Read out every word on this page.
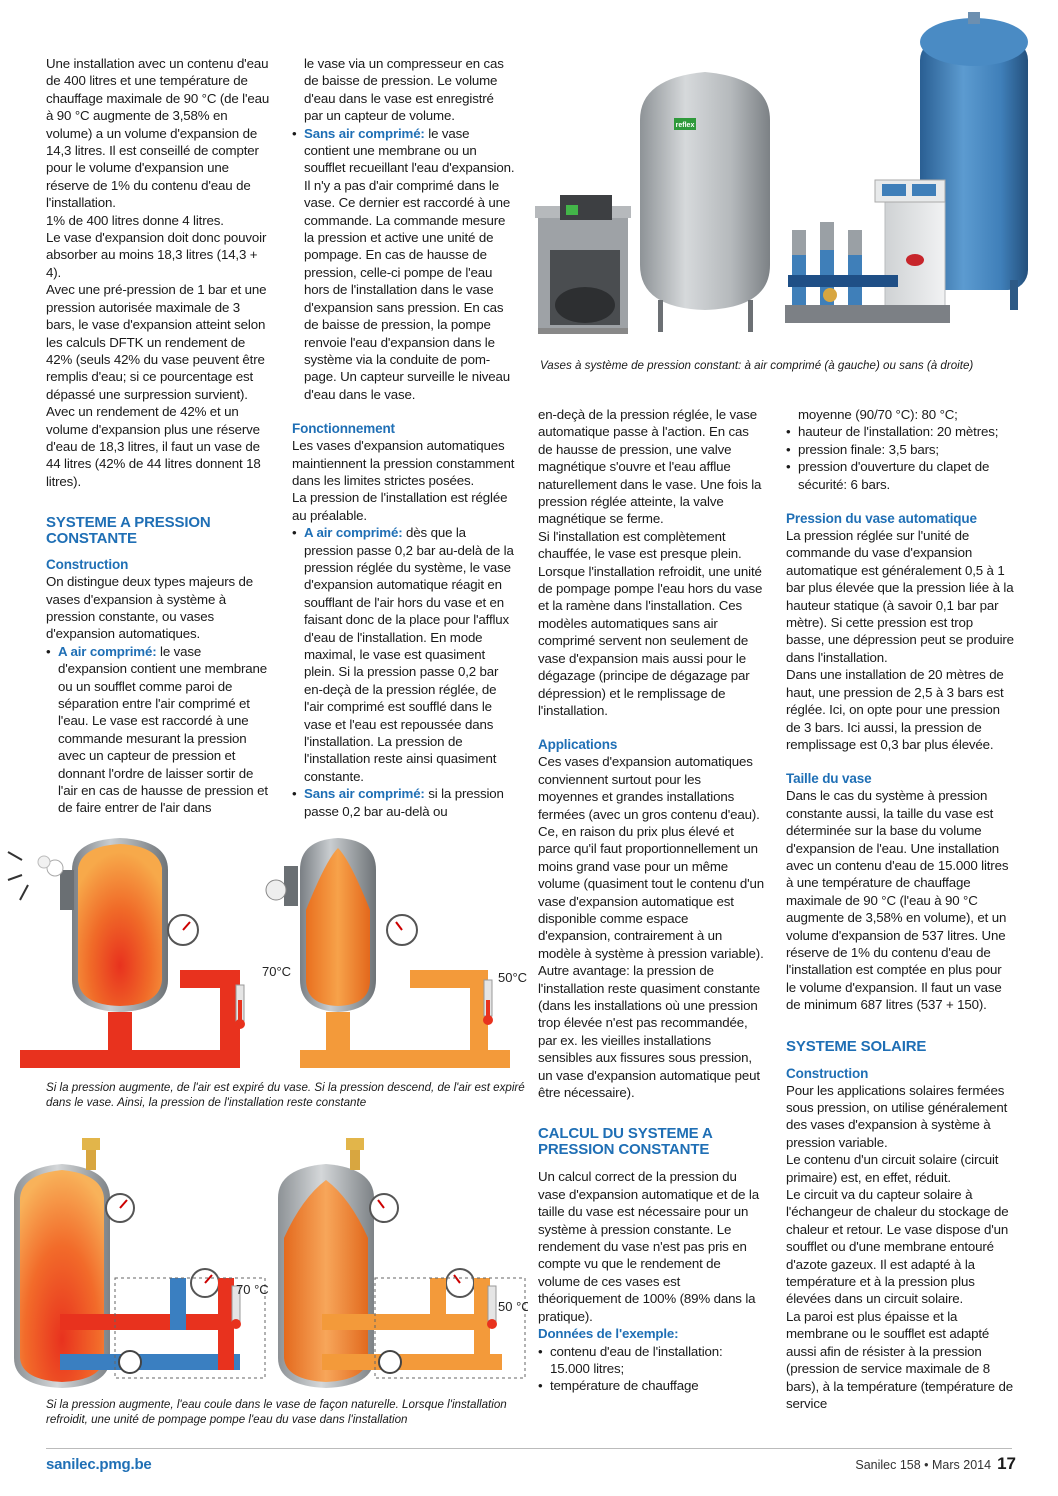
Une installation avec un contenu d'eau de 400 litres et une température de chauffage maximale de 90 °C (de l'eau à 90 °C augmente de 3,58% en volume) a un volume d'expansion de 14,3 litres. Il est conseillé de compter pour le volume d'expansion une réserve de 1% du contenu d'eau de l'installation.

1% de 400 litres donne 4 litres.

Le vase d'expansion doit donc pouvoir absorber au moins 18,3 litres (14,3 + 4).

Avec une pré-pression de 1 bar et une pression autorisée maximale de 3 bars, le vase d'expansion atteint selon les calculs DFTK un rendement de 42% (seuls 42% du vase peuvent être remplis d'eau; si ce pourcentage est dépassé une surpression survient).

Avec un rendement de 42% et un volume d'expansion plus une réserve d'eau de 18,3 litres, il faut un vase de 44 litres (42% de 44 litres donnent 18 litres).

SYSTEME A PRESSION CONSTANTE

Construction

On distingue deux types majeurs de vases d'expansion à système à pression constante, ou vases d'expansion automatiques.

• A air comprimé: le vase d'expansion contient une membrane ou un soufflet comme paroi de séparation entre l'air comprimé et l'eau. Le vase est raccordé à une commande mesurant la pression avec un capteur de pression et donnant l'ordre de laisser sortir de l'air en cas de hausse de pression et de faire entrer de l'air dans

le vase via un compresseur en cas de baisse de pression. Le volume d'eau dans le vase est enregistré par un capteur de volume.

• Sans air comprimé: le vase contient une membrane ou un soufflet recueillant l'eau d'expansion. Il n'y a pas d'air comprimé dans le vase. Ce dernier est raccordé à une commande. La commande mesure la pression et active une unité de pompage. En cas de hausse de pression, celle-ci pompe de l'eau hors de l'installation dans le vase d'expansion sans pression. En cas de baisse de pression, la pompe renvoie l'eau d'expansion dans le système via la conduite de pom-page. Un capteur surveille le niveau d'eau dans le vase.

Fonctionnement

Les vases d'expansion automatiques maintiennent la pression constamment dans les limites strictes posées.

La pression de l'installation est réglée au préalable.

• A air comprimé: dès que la pression passe 0,2 bar au-delà de la pression réglée du système, le vase d'expansion automatique réagit en soufflant de l'air hors du vase et en faisant donc de la place pour l'afflux d'eau de l'installation. En mode maximal, le vase est quasiment plein. Si la pression passe 0,2 bar en-deçà de la pression réglée, de l'air comprimé est soufflé dans le vase et l'eau est repoussée dans l'installation. La pression de l'installation reste ainsi quasiment constante.
• Sans air comprimé: si la pression passe 0,2 bar au-delà ou
reflex
Vases à système de pression constant: à air comprimé (à gauche) ou sans (à droite)

en-deçà de la pression réglée, le vase automatique passe à l'action. En cas de hausse de pression, une valve magnétique s'ouvre et l'eau afflue naturellement dans le vase. Une fois la pression réglée atteinte, la valve magnétique se ferme.

Si l'installation est complètement chauffée, le vase est presque plein. Lorsque l'installation refroidit, une unité de pompage pompe l'eau hors du vase et la ramène dans l'installation. Ces modèles automatiques sans air comprimé servent non seulement de vase d'expansion mais aussi pour le dégazage (principe de dégazage par dépression) et le remplissage de l'installation.

Applications

Ces vases d'expansion automatiques conviennent surtout pour les moyennes et grandes installations fermées (avec un gros contenu d'eau).

Ce, en raison du prix plus élevé et parce qu'il faut proportionnellement un moins grand vase pour un même volume (quasiment tout le contenu d'un vase d'expansion automatique est disponible comme espace d'expansion, contrairement à un modèle à système à pression variable). Autre avantage: la pression de l'installation reste quasiment constante (dans les installations où une pression trop élevée n'est pas recommandée, par ex. les vieilles installations sensibles aux fissures sous pression, un vase d'expansion automatique peut être nécessaire).

CALCUL DU SYSTEME A PRESSION CONSTANTE

Un calcul correct de la pression du vase d'expansion automatique et de la taille du vase est nécessaire pour un système à pression constante. Le rendement du vase n'est pas pris en compte vu que le rendement de volume de ces vases est théoriquement de 100% (89% dans la pratique).

Données de l'exemple:

• contenu d'eau de l'installation: 15.000 litres;
• température de chauffage

moyenne (90/70 °C): 80 °C;

• hauteur de l'installation: 20 mètres;
• pression finale: 3,5 bars;
• pression d'ouverture du clapet de sécurité: 6 bars.

Pression du vase automatique

La pression réglée sur l'unité de commande du vase d'expansion automatique est généralement 0,5 à 1 bar plus élevée que la pression liée à la hauteur statique (à savoir 0,1 bar par mètre). Si cette pression est trop basse, une dépression peut se produire dans l'installation.

Dans une installation de 20 mètres de haut, une pression de 2,5 à 3 bars est réglée. Ici, on opte pour une pression de 3 bars. Ici aussi, la pression de remplissage est 0,3 bar plus élevée.

Taille du vase

Dans le cas du système à pression constante aussi, la taille du vase est déterminée sur la base du volume d'expansion de l'eau. Une installation avec un contenu d'eau de 15.000 litres à une température de chauffage maximale de 90 °C (l'eau à 90 °C augmente de 3,58% en volume), et un volume d'expansion de 537 litres. Une réserve de 1% du contenu d'eau de l'installation est comptée en plus pour le volume d'expansion. Il faut un vase de minimum 687 litres (537 + 150).

SYSTEME SOLAIRE

Construction

Pour les applications solaires fermées sous pression, on utilise généralement des vases d'expansion à système à pression variable.

Le contenu d'un circuit solaire (circuit primaire) est, en effet, réduit.

Le circuit va du capteur solaire à l'échangeur de chaleur du stockage de chaleur et retour. Le vase dispose d'un soufflet ou d'une membrane entouré d'azote gazeux. Il est adapté à la température et à la pression plus élevées dans un circuit solaire.

La paroi est plus épaisse et la membrane ou le soufflet est adapté aussi afin de résister à la pression (pression de service maximale de 8 bars), à la température (température de service

70°C	50°C
Si la pression augmente, de l'air est expiré du vase. Si la pression descend, de l'air est expiré dans le vase. Ainsi, la pression de l'installation reste constante
70 °C
50 °C
Si la pression augmente, l'eau coule dans le vase de façon naturelle. Lorsque l'installation refroidit, une unité de pompage pompe l'eau du vase dans l'installation
sanilec.pmg.be	Sanilec 158 • Mars 2014 17
